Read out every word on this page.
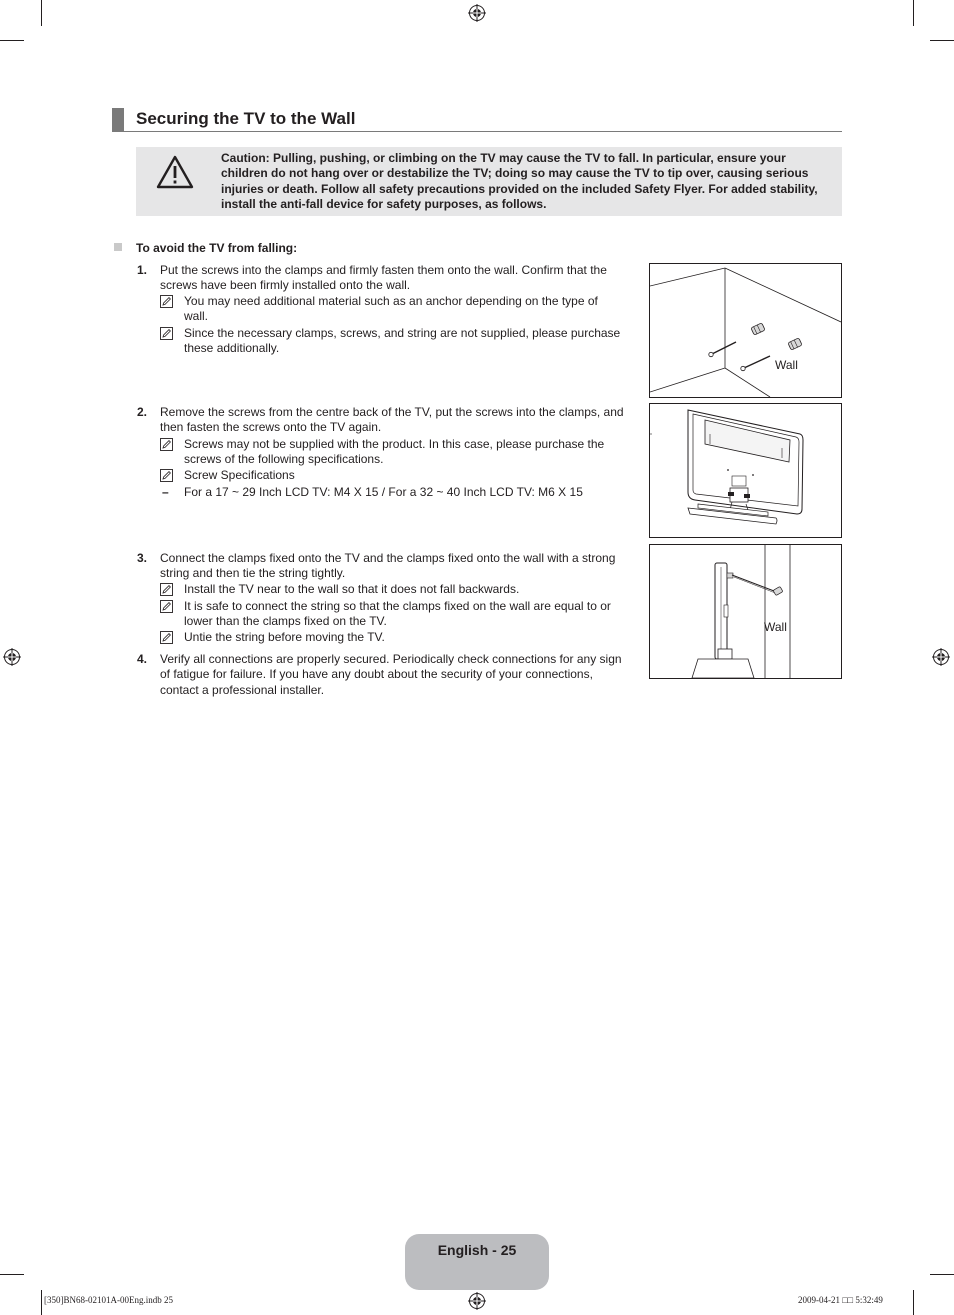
Securing the TV to the Wall
Caution: Pulling, pushing, or climbing on the TV may cause the TV to fall. In particular, ensure your children do not hang over or destabilize the TV; doing so may cause the TV to tip over, causing serious injuries or death. Follow all safety precautions provided on the included Safety Flyer. For added stability, install the anti-fall device for safety purposes, as follows.
To avoid the TV from falling:
1. Put the screws into the clamps and firmly fasten them onto the wall. Confirm that the screws have been firmly installed onto the wall.
You may need additional material such as an anchor depending on the type of wall.
Since the necessary clamps, screws, and string are not supplied, please purchase these additionally.
2. Remove the screws from the centre back of the TV, put the screws into the clamps, and then fasten the screws onto the TV again.
Screws may not be supplied with the product. In this case, please purchase the screws of the following specifications.
Screw Specifications
– For a 17 ~ 29 Inch LCD TV: M4 X 15 / For a 32 ~ 40 Inch LCD TV: M6 X 15
3. Connect the clamps fixed onto the TV and the clamps fixed onto the wall with a strong string and then tie the string tightly.
Install the TV near to the wall so that it does not fall backwards.
It is safe to connect the string so that the clamps fixed on the wall are equal to or lower than the clamps fixed on the TV.
Untie the string before moving the TV.
4. Verify all connections are properly secured. Periodically check connections for any sign of fatigue for failure. If you have any doubt about the security of your connections, contact a professional installer.
Wall
Wall
English - 25
[350]BN68-02101A-00Eng.indb 25	2009-04-21 □□ 5:32:49
